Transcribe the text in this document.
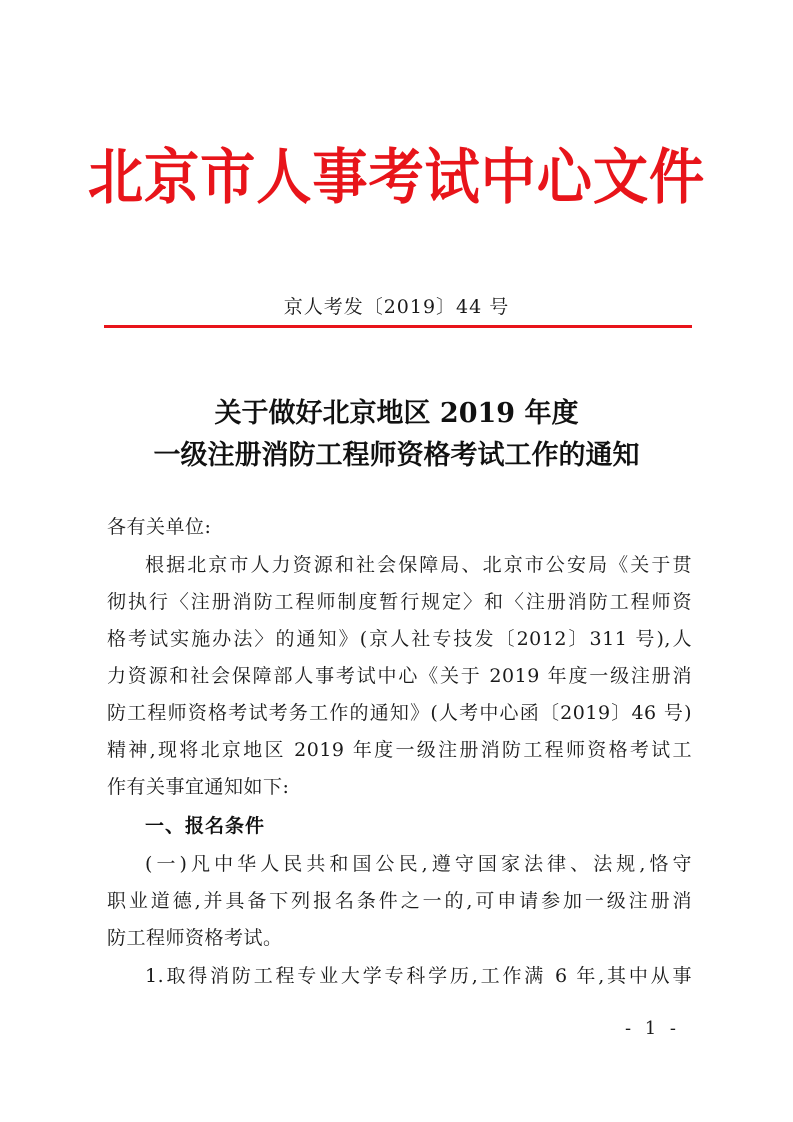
北京市人事考试中心文件
京人考发〔2019〕44 号
关于做好北京地区 2019 年度
一级注册消防工程师资格考试工作的通知
各有关单位:
根据北京市人力资源和社会保障局、北京市公安局《关于贯
彻执行〈注册消防工程师制度暂行规定〉和〈注册消防工程师资
格考试实施办法〉的通知》(京人社专技发〔2012〕311 号),人
力资源和社会保障部人事考试中心《关于 2019 年度一级注册消
防工程师资格考试考务工作的通知》(人考中心函〔2019〕46 号)
精神,现将北京地区 2019 年度一级注册消防工程师资格考试工
作有关事宜通知如下:
一、报名条件
(一)凡中华人民共和国公民,遵守国家法律、法规,恪守
职业道德,并具备下列报名条件之一的,可申请参加一级注册消
防工程师资格考试。
1.取得消防工程专业大学专科学历,工作满 6 年,其中从事
- 1 -
